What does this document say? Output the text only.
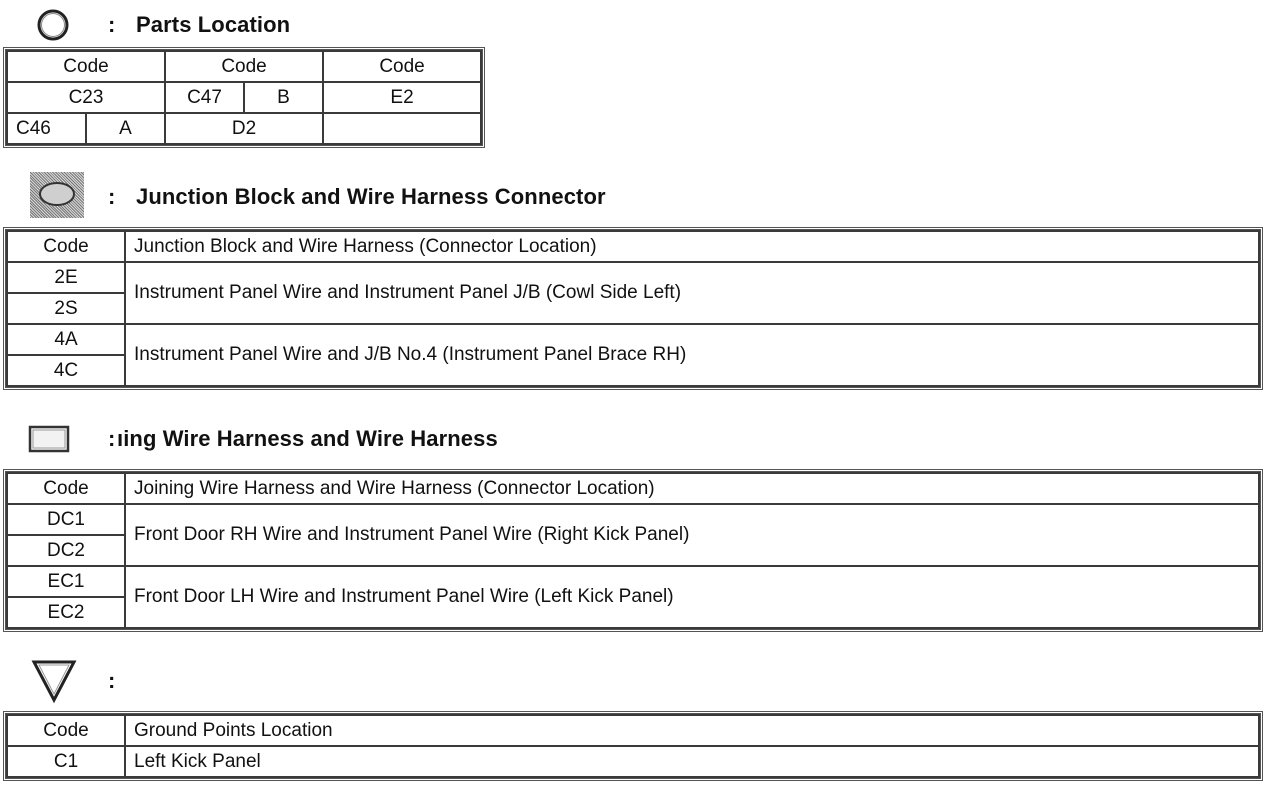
: Parts Location
Code		Code		Code
C23		C47	B	E2
C46	A	D2		
: Junction Block and Wire Harness Connector
Code	Junction Block and Wire Harness (Connector Location)
2E	Instrument Panel Wire and Instrument Panel J/B (Cowl Side Left)
2S	
4A	Instrument Panel Wire and J/B No.4 (Instrument Panel Brace RH)
4C	
: ıing Wire Harness and Wire Harness
Code	Joining Wire Harness and Wire Harness (Connector Location)
DC1	Front Door RH Wire and Instrument Panel Wire (Right Kick Panel)
DC2	
EC1	Front Door LH Wire and Instrument Panel Wire (Left Kick Panel)
EC2	
:
Code	Ground Points Location
C1	Left Kick Panel
